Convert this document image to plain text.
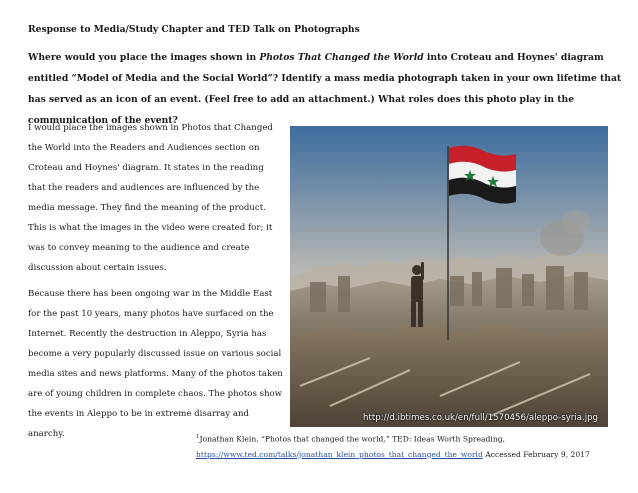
Response to Media/Study Chapter and TED Talk on Photographs

Where would you place the images shown in Photos That Changed the World into Croteau and Hoynes' diagram entitled “Model of Media and the Social World”? Identify a mass media photograph taken in your own lifetime that has served as an icon of an event. (Feel free to add an attachment.) What roles does this photo play in the communication of the event?

I would place the images shown in Photos that Changed the World into the Readers and Audiences section on Croteau and Hoynes' diagram. It states in the reading that the readers and audiences are influenced by the media message. They find the meaning of the product. This is what the images in the video were created for; it was to convey meaning to the audience and create discussion about certain issues.

Because there has been ongoing war in the Middle East for the past 10 years, many photos have surfaced on the Internet. Recently the destruction in Aleppo, Syria has become a very popularly discussed issue on various social media sites and news platforms. Many of the photos taken are of young children in complete chaos. The photos show the events in Aleppo to be in extreme disarray and anarchy.

http://d.ibtimes.co.uk/en/full/1570456/aleppo-syria.jpg
$^1$Jonathan Klein, “Photos that changed the world,” TED: Ideas Worth Spreading,
https://www.ted.com/talks/jonathan_klein_photos_that_changed_the_world Accessed February 9, 2017
